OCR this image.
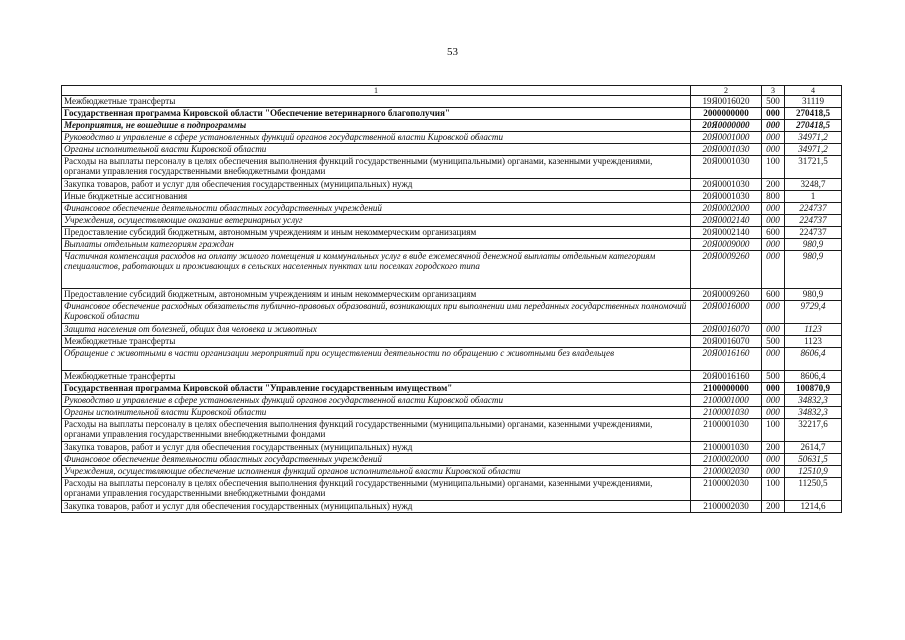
53
1	2	3	4
Межбюджетные трансферты	19Я0016020	500	31119
Государственная программа Кировской области "Обеспечение ветеринарного благополучия"	2000000000	000	270418,5
Мероприятия, не вошедшие в подпрограммы	20Я0000000	000	270418,5
Руководство и управление в сфере установленных функций органов государственной власти Кировской области	20Я0001000	000	34971,2
Органы исполнительной власти Кировской области	20Я0001030	000	34971,2
Расходы на выплаты персоналу в целях обеспечения выполнения функций государственными (муниципальными) органами, казенными учреждениями, органами управления государственными внебюджетными фондами	20Я0001030	100	31721,5
Закупка товаров, работ и услуг для обеспечения государственных (муниципальных) нужд	20Я0001030	200	3248,7
Иные бюджетные ассигнования	20Я0001030	800	1
Финансовое обеспечение деятельности областных государственных учреждений	20Я0002000	000	224737
Учреждения, осуществляющие оказание ветеринарных услуг	20Я0002140	000	224737
Предоставление субсидий бюджетным, автономным учреждениям и иным некоммерческим организациям	20Я0002140	600	224737
Выплаты отдельным категориям граждан	20Я0009000	000	980,9
Частичная компенсация расходов на оплату жилого помещения и коммунальных услуг в виде ежемесячной денежной выплаты отдельным категориям специалистов, работающих и проживающих в сельских населенных пунктах или поселках городского типа	20Я0009260	000	980,9
Предоставление субсидий бюджетным, автономным учреждениям и иным некоммерческим организациям	20Я0009260	600	980,9
Финансовое обеспечение расходных обязательств публично-правовых образований, возникающих при выполнении ими переданных государственных полномочий Кировской области	20Я0016000	000	9729,4
Защита населения от болезней, общих для человека и животных	20Я0016070	000	1123
Межбюджетные трансферты	20Я0016070	500	1123
Обращение с животными в части организации мероприятий при осуществлении деятельности по обращению с животными без владельцев	20Я0016160	000	8606,4
Межбюджетные трансферты	20Я0016160	500	8606,4
Государственная программа Кировской области "Управление государственным имуществом"	2100000000	000	100870,9
Руководство и управление в сфере установленных функций органов государственной власти Кировской области	2100001000	000	34832,3
Органы исполнительной власти Кировской области	2100001030	000	34832,3
Расходы на выплаты персоналу в целях обеспечения выполнения функций государственными (муниципальными) органами, казенными учреждениями, органами управления государственными внебюджетными фондами	2100001030	100	32217,6
Закупка товаров, работ и услуг для обеспечения государственных (муниципальных) нужд	2100001030	200	2614,7
Финансовое обеспечение деятельности областных государственных учреждений	2100002000	000	50631,5
Учреждения, осуществляющие обеспечение исполнения функций органов исполнительной власти Кировской области	2100002030	000	12510,9
Расходы на выплаты персоналу в целях обеспечения выполнения функций государственными (муниципальными) органами, казенными учреждениями, органами управления государственными внебюджетными фондами	2100002030	100	11250,5
Закупка товаров, работ и услуг для обеспечения государственных (муниципальных) нужд	2100002030	200	1214,6
